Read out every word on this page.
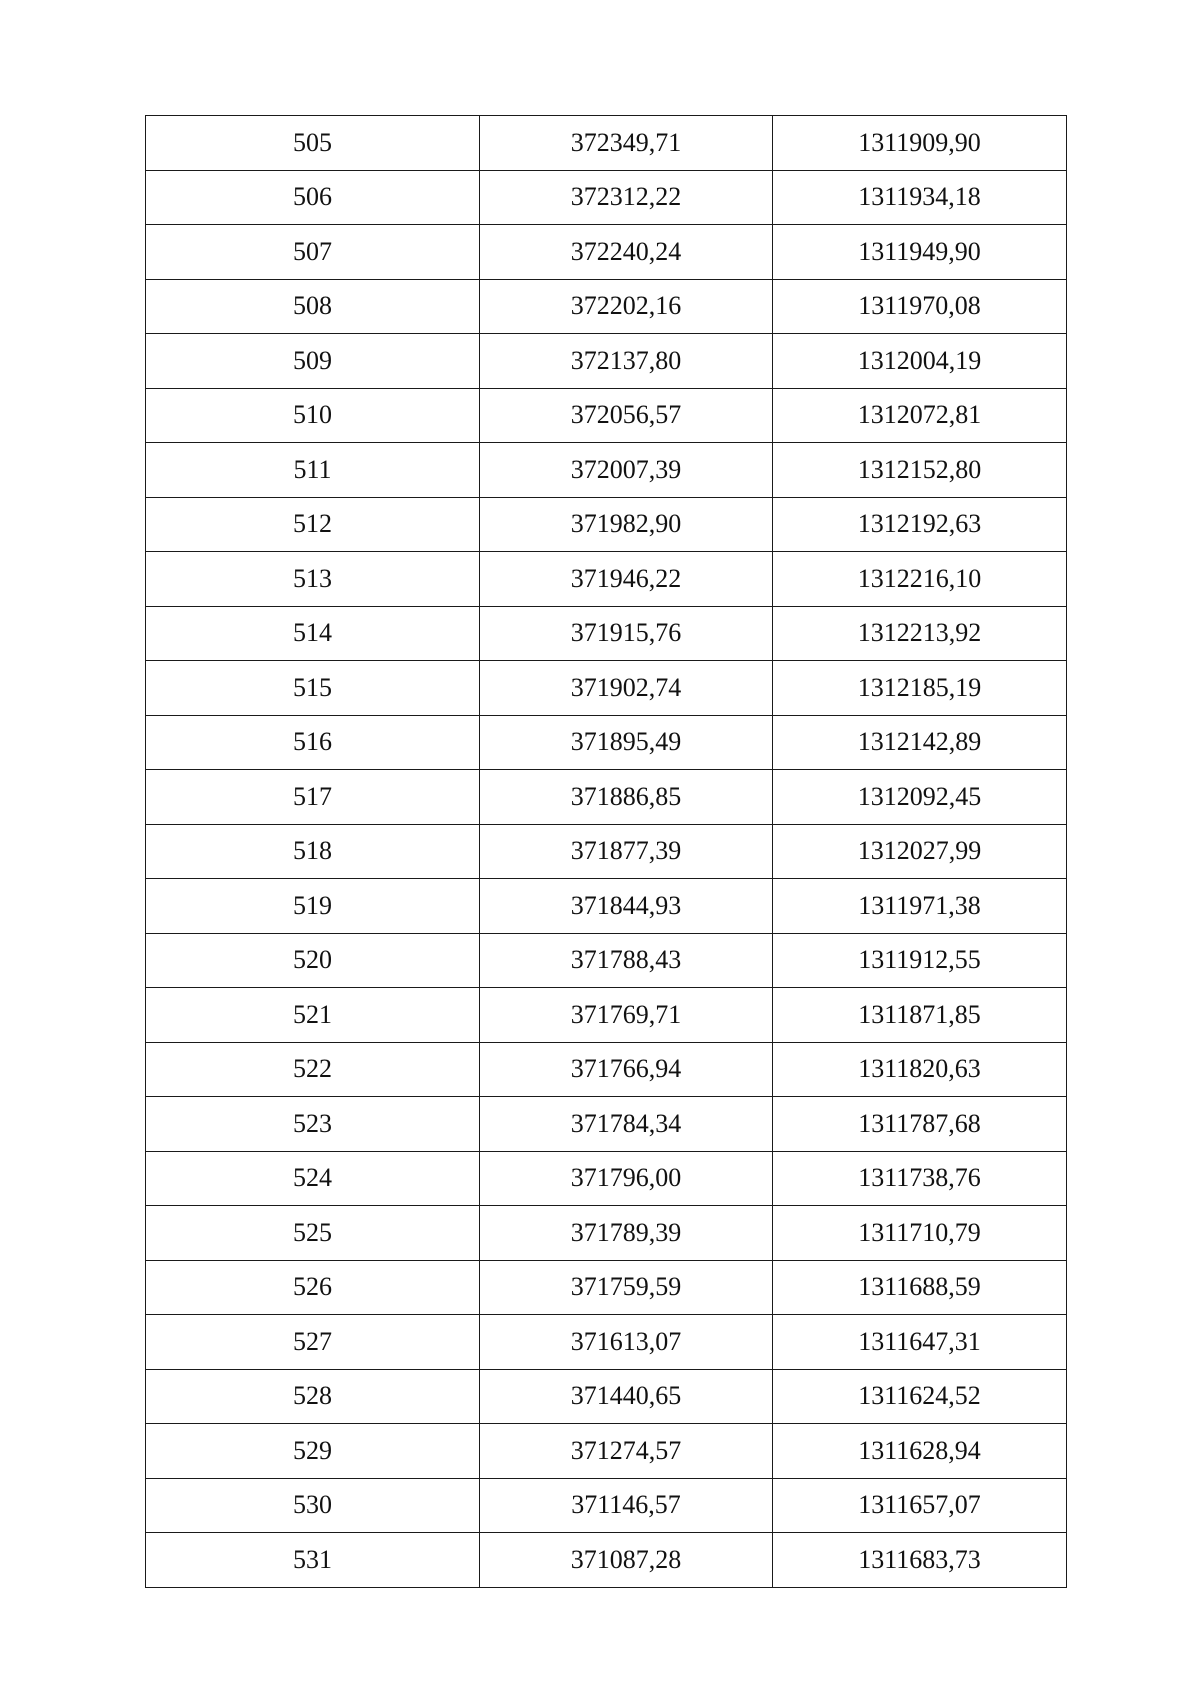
505	372349,71	1311909,90
506	372312,22	1311934,18
507	372240,24	1311949,90
508	372202,16	1311970,08
509	372137,80	1312004,19
510	372056,57	1312072,81
511	372007,39	1312152,80
512	371982,90	1312192,63
513	371946,22	1312216,10
514	371915,76	1312213,92
515	371902,74	1312185,19
516	371895,49	1312142,89
517	371886,85	1312092,45
518	371877,39	1312027,99
519	371844,93	1311971,38
520	371788,43	1311912,55
521	371769,71	1311871,85
522	371766,94	1311820,63
523	371784,34	1311787,68
524	371796,00	1311738,76
525	371789,39	1311710,79
526	371759,59	1311688,59
527	371613,07	1311647,31
528	371440,65	1311624,52
529	371274,57	1311628,94
530	371146,57	1311657,07
531	371087,28	1311683,73
